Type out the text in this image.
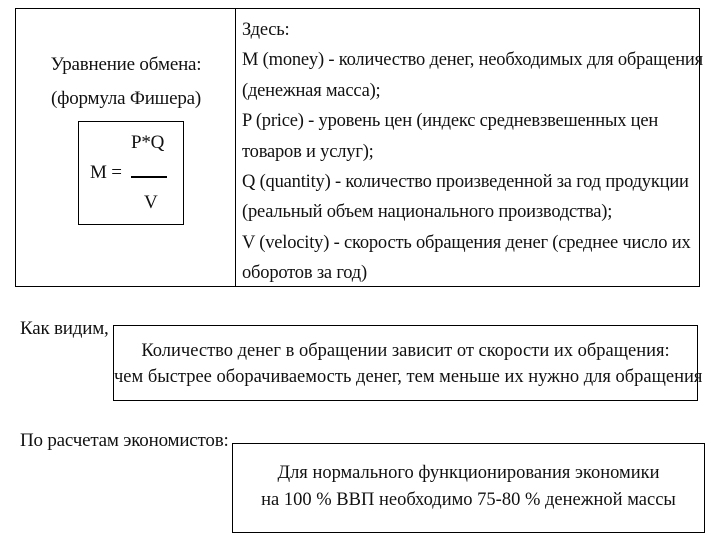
Уравнение обмена:
(формула Фишера)
M =
P*Q
V
Здесь:
M (money) - количество денег, необходимых для обращения
(денежная масса);
P (price) - уровень цен (индекс средневзвешенных цен
товаров и услуг);
Q (quantity) - количество произведенной за год продукции
(реальный объем национального производства);
V (velocity) - скорость обращения денег (среднее число их
оборотов за год)
Как видим,
Количество денег в обращении зависит от скорости их обращения:
чем быстрее оборачиваемость денег, тем меньше их нужно для обращения
По расчетам экономистов:
Для нормального функционирования экономики
на 100 % ВВП необходимо 75-80 % денежной массы
